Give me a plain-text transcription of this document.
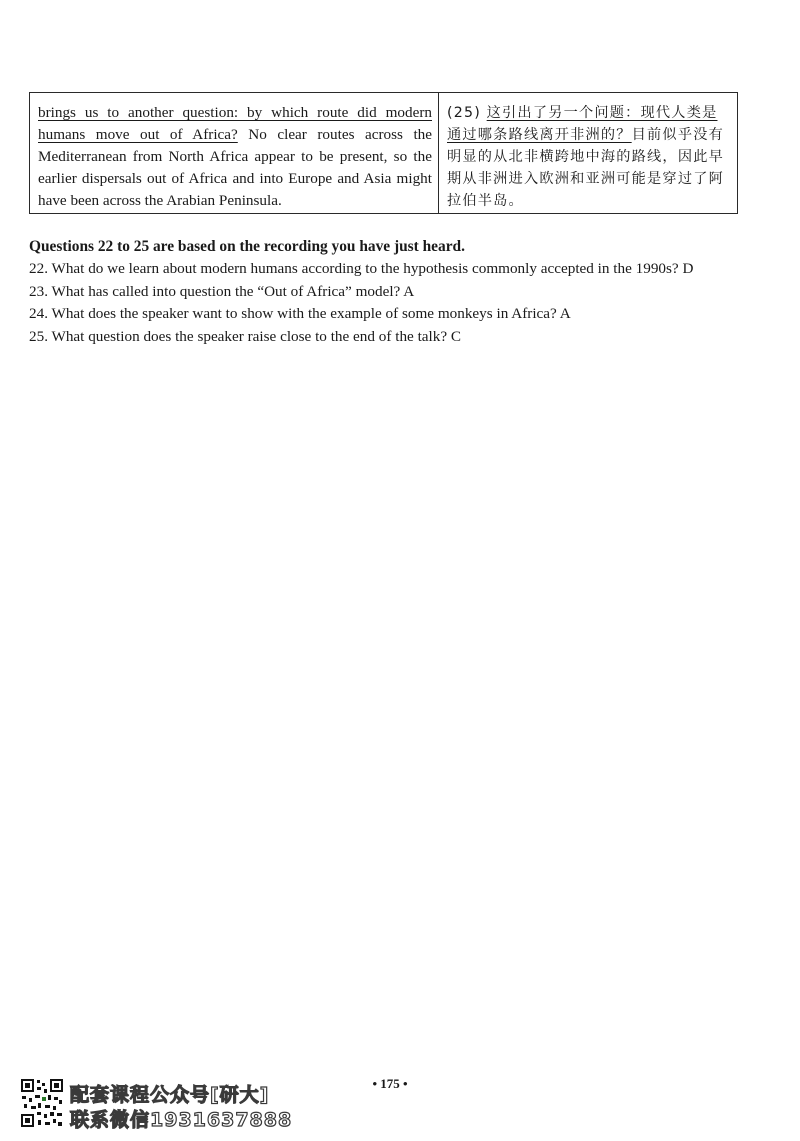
brings us to another question: by which route did modern humans move out of Africa? No clear routes across the Mediterranean from North Africa appear to be present, so the earlier dispersals out of Africa and into Europe and Asia might have been across the Arabian Peninsula.
(25) 这引出了另一个问题：现代人类是通过哪条路线离开非洲的？目前似乎没有明显的从北非横跨地中海的路线，因此早期从非洲进入欧洲和亚洲可能是穿过了阿拉伯半岛。

Questions 22 to 25 are based on the recording you have just heard.

22. What do we learn about modern humans according to the hypothesis commonly accepted in the 1990s? D

23. What has called into question the “Out of Africa” model? A

24. What does the speaker want to show with the example of some monkeys in Africa? A

25. What question does the speaker raise close to the end of the talk? C

• 175 •
配套课程公众号[研大]
联系微信1931637888
